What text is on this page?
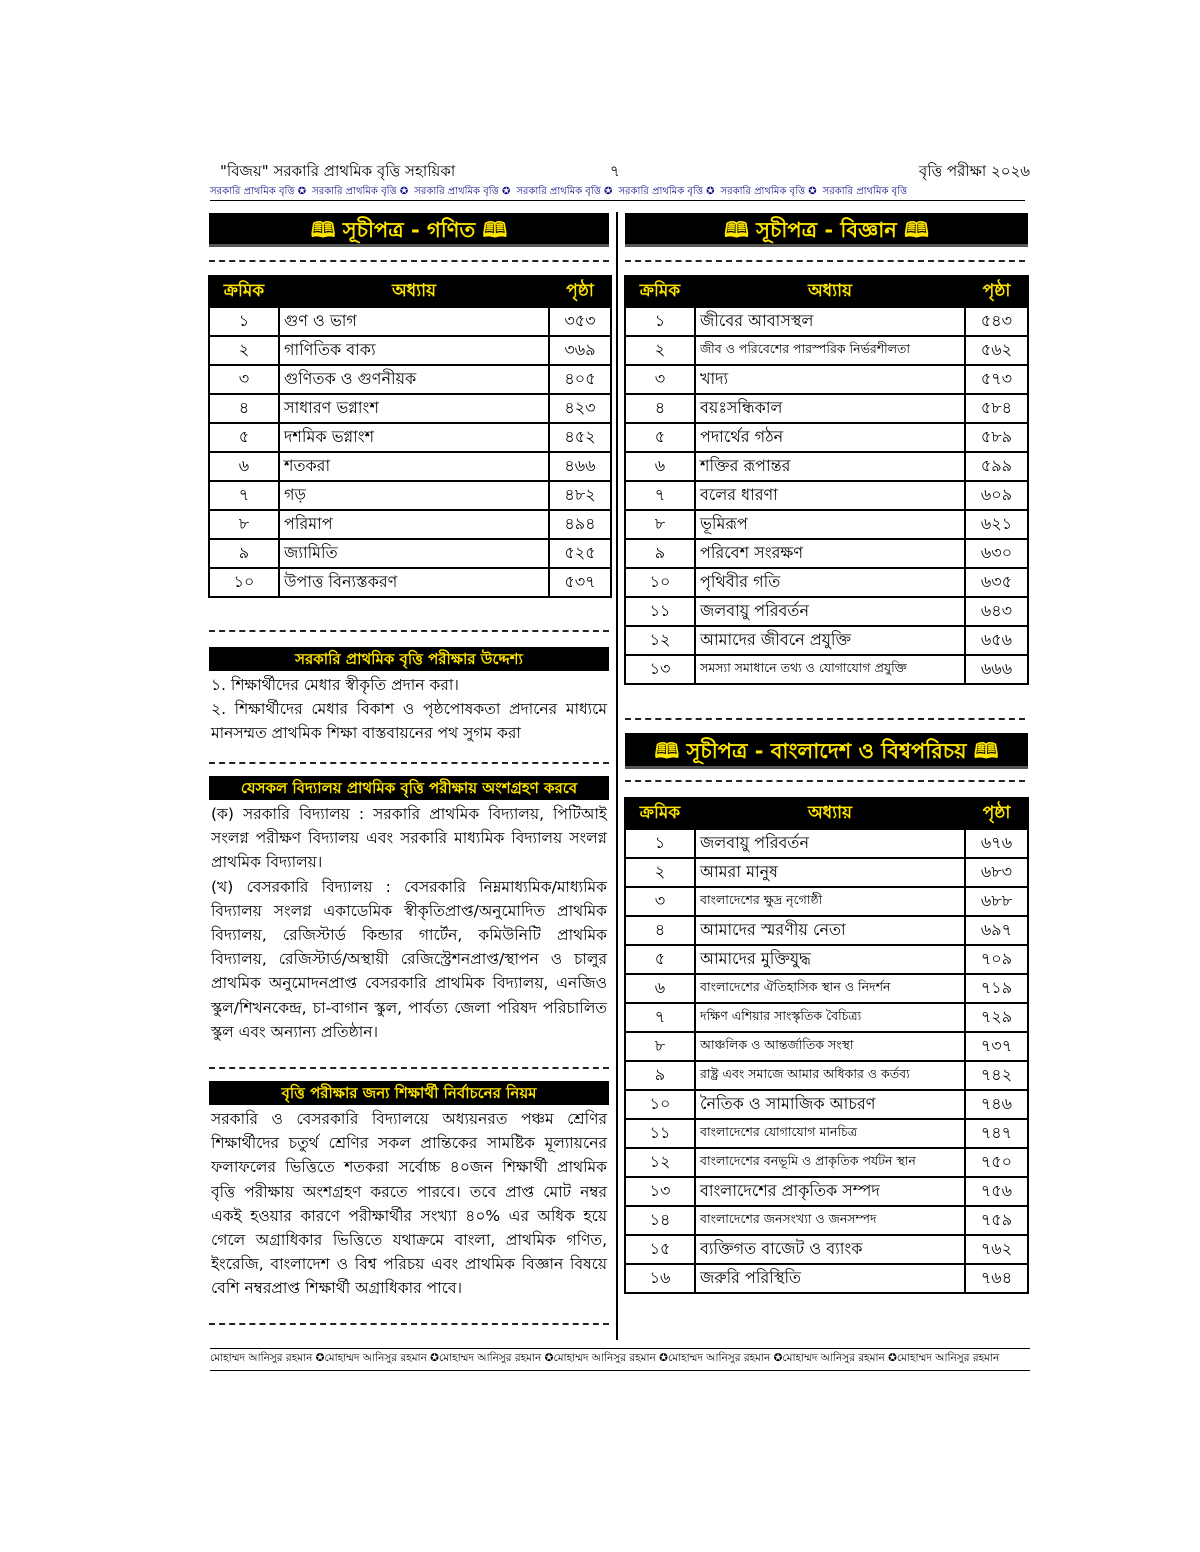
"বিজয়" সরকারি প্রাথমিক বৃত্তি সহায়িকা	৭	বৃত্তি পরীক্ষা ২০২৬
সরকারি প্রাথমিক বৃত্তি ✪ সরকারি প্রাথমিক বৃত্তি ✪ সরকারি প্রাথমিক বৃত্তি ✪ সরকারি প্রাথমিক বৃত্তি ✪ সরকারি প্রাথমিক বৃত্তি ✪ সরকারি প্রাথমিক বৃত্তি ✪ সরকারি প্রাথমিক বৃত্তি
🕮 সূচীপত্র - গণিত 🕮
ক্রমিক	অধ্যায়	পৃষ্ঠা
১	গুণ ও ভাগ	৩৫৩
২	গাণিতিক বাক্য	৩৬৯
৩	গুণিতক ও গুণনীয়ক	৪০৫
৪	সাধারণ ভগ্নাংশ	৪২৩
৫	দশমিক ভগ্নাংশ	৪৫২
৬	শতকরা	৪৬৬
৭	গড়	৪৮২
৮	পরিমাপ	৪৯৪
৯	জ্যামিতি	৫২৫
১০	উপাত্ত বিন্যস্তকরণ	৫৩৭
সরকারি প্রাথমিক বৃত্তি পরীক্ষার উদ্দেশ্য

১. শিক্ষার্থীদের মেধার স্বীকৃতি প্রদান করা।

২. শিক্ষার্থীদের মেধার বিকাশ ও পৃষ্ঠপোষকতা প্রদানের মাধ্যমে মানসম্মত প্রাথমিক শিক্ষা বাস্তবায়নের পথ সুগম করা

যেসকল বিদ্যালয় প্রাথমিক বৃত্তি পরীক্ষায় অংশগ্রহণ করবে

(ক) সরকারি বিদ্যালয় : সরকারি প্রাথমিক বিদ্যালয়, পিটিআই সংলগ্ন পরীক্ষণ বিদ্যালয় এবং সরকারি মাধ্যমিক বিদ্যালয় সংলগ্ন প্রাথমিক বিদ্যালয়।

(খ) বেসরকারি বিদ্যালয় : বেসরকারি নিম্নমাধ্যমিক/মাধ্যমিক বিদ্যালয় সংলগ্ন একাডেমিক স্বীকৃতিপ্রাপ্ত/অনুমোদিত প্রাথমিক বিদ্যালয়, রেজিস্টার্ড কিন্ডার গার্টেন, কমিউনিটি প্রাথমিক বিদ্যালয়, রেজিস্টার্ড/অস্থায়ী রেজিস্ট্রেশনপ্রাপ্ত/স্থাপন ও চালুর প্রাথমিক অনুমোদনপ্রাপ্ত বেসরকারি প্রাথমিক বিদ্যালয়, এনজিও স্কুল/শিখনকেন্দ্র, চা-বাগান স্কুল, পার্বত্য জেলা পরিষদ পরিচালিত স্কুল এবং অন্যান্য প্রতিষ্ঠান।

বৃত্তি পরীক্ষার জন্য শিক্ষার্থী নির্বাচনের নিয়ম

সরকারি ও বেসরকারি বিদ্যালয়ে অধ্যয়নরত পঞ্চম শ্রেণির শিক্ষার্থীদের চতুর্থ শ্রেণির সকল প্রান্তিকের সামষ্টিক মূল্যায়নের ফলাফলের ভিত্তিতে শতকরা সর্বোচ্চ ৪০জন শিক্ষার্থী প্রাথমিক বৃত্তি পরীক্ষায় অংশগ্রহণ করতে পারবে। তবে প্রাপ্ত মোট নম্বর একই হওয়ার কারণে পরীক্ষার্থীর সংখ্যা ৪০% এর অধিক হয়ে গেলে অগ্রাধিকার ভিত্তিতে যথাক্রমে বাংলা, প্রাথমিক গণিত, ইংরেজি, বাংলাদেশ ও বিশ্ব পরিচয় এবং প্রাথমিক বিজ্ঞান বিষয়ে বেশি নম্বরপ্রাপ্ত শিক্ষার্থী অগ্রাধিকার পাবে।

🕮 সূচীপত্র - বিজ্ঞান 🕮
ক্রমিক	অধ্যায়	পৃষ্ঠা
১	জীবের আবাসস্থল	৫৪৩
২	জীব ও পরিবেশের পারস্পরিক নির্ভরশীলতা	৫৬২
৩	খাদ্য	৫৭৩
৪	বয়ঃসন্ধিকাল	৫৮৪
৫	পদার্থের গঠন	৫৮৯
৬	শক্তির রূপান্তর	৫৯৯
৭	বলের ধারণা	৬০৯
৮	ভূমিরূপ	৬২১
৯	পরিবেশ সংরক্ষণ	৬৩০
১০	পৃথিবীর গতি	৬৩৫
১১	জলবায়ু পরিবর্তন	৬৪৩
১২	আমাদের জীবনে প্রযুক্তি	৬৫৬
১৩	সমস্যা সমাধানে তথ্য ও যোগাযোগ প্রযুক্তি	৬৬৬
🕮 সূচীপত্র - বাংলাদেশ ও বিশ্বপরিচয় 🕮
ক্রমিক	অধ্যায়	পৃষ্ঠা
১	জলবায়ু পরিবর্তন	৬৭৬
২	আমরা মানুষ	৬৮৩
৩	বাংলাদেশের ক্ষুদ্র নৃগোষ্ঠী	৬৮৮
৪	আমাদের স্মরণীয় নেতা	৬৯৭
৫	আমাদের মুক্তিযুদ্ধ	৭০৯
৬	বাংলাদেশের ঐতিহাসিক স্থান ও নিদর্শন	৭১৯
৭	দক্ষিণ এশিয়ার সাংস্কৃতিক বৈচিত্র্য	৭২৯
৮	আঞ্চলিক ও আন্তর্জাতিক সংস্থা	৭৩৭
৯	রাষ্ট্র এবং সমাজে আমার অধিকার ও কর্তব্য	৭৪২
১০	নৈতিক ও সামাজিক আচরণ	৭৪৬
১১	বাংলাদেশের যোগাযোগ মানচিত্র	৭৪৭
১২	বাংলাদেশের বনভূমি ও প্রাকৃতিক পর্যটন স্থান	৭৫০
১৩	বাংলাদেশের প্রাকৃতিক সম্পদ	৭৫৬
১৪	বাংলাদেশের জনসংখ্যা ও জনসম্পদ	৭৫৯
১৫	ব্যক্তিগত বাজেট ও ব্যাংক	৭৬২
১৬	জরুরি পরিস্থিতি	৭৬৪
মোহাম্মদ আনিসুর রহমান ✪মোহাম্মদ আনিসুর রহমান ✪মোহাম্মদ আনিসুর রহমান ✪মোহাম্মদ আনিসুর রহমান ✪মোহাম্মদ আনিসুর রহমান ✪মোহাম্মদ আনিসুর রহমান ✪মোহাম্মদ আনিসুর রহমান
